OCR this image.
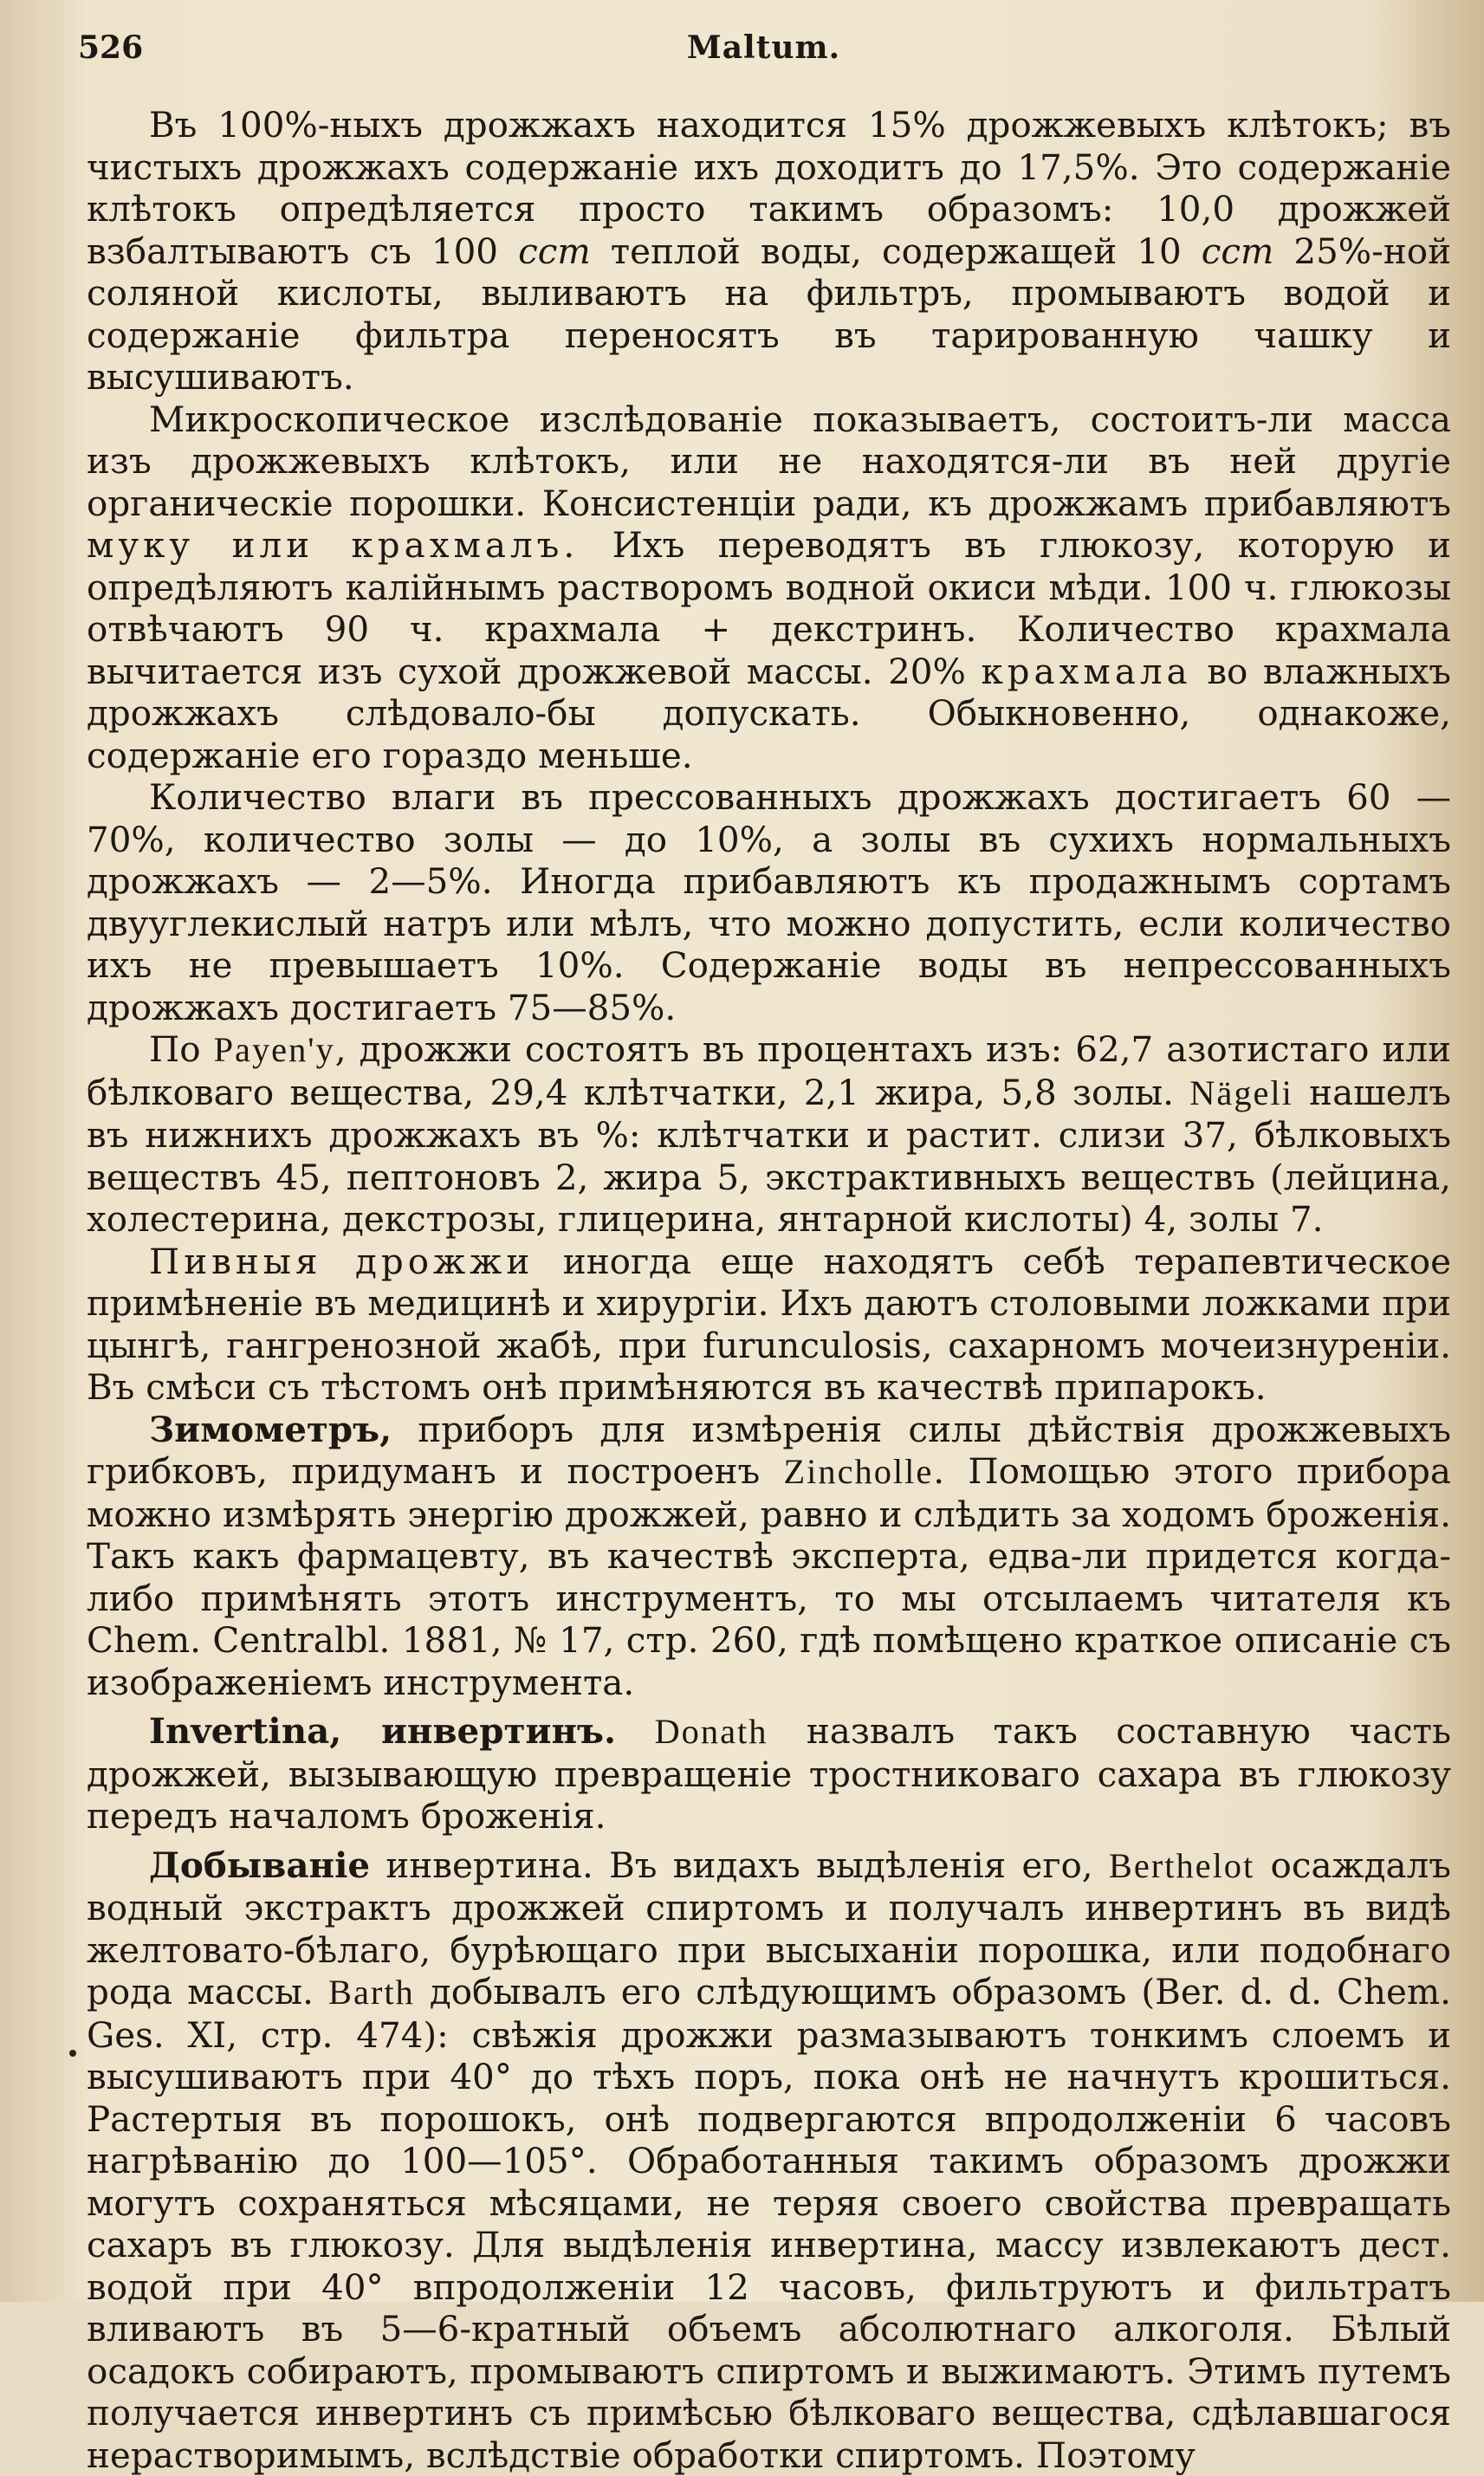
526	Maltum.

Въ 100%-ныхъ дрожжахъ находится 15% дрожжевыхъ клѣтокъ; въ чистыхъ дрожжахъ содержаніе ихъ доходитъ до 17,5%. Это содержаніе клѣтокъ опредѣляется просто такимъ образомъ: 10,0 дрожжей взбалтываютъ съ 100 ccm теплой воды, содержащей 10 ccm 25%-ной соляной кислоты, выливаютъ на фильтръ, промываютъ водой и содержаніе фильтра переносятъ въ тарированную чашку и высушиваютъ.

Микроскопическое изслѣдованіе показываетъ, состоитъ-ли масса изъ дрожжевыхъ клѣтокъ, или не находятся-ли въ ней другіе органическіе порошки. Консистенціи ради, къ дрожжамъ прибавляютъ муку или крахмалъ. Ихъ переводятъ въ глюкозу, которую и опредѣляютъ калійнымъ растворомъ водной окиси мѣди. 100 ч. глюкозы отвѣчаютъ 90 ч. крахмала + декстринъ. Количество крахмала вычитается изъ сухой дрожжевой массы. 20% крахмала во влажныхъ дрожжахъ слѣдовало-бы допускать. Обыкновенно, однакоже, содержаніе его гораздо меньше.

Количество влаги въ прессованныхъ дрожжахъ достигаетъ 60 — 70%, количество золы — до 10%, а золы въ сухихъ нормальныхъ дрожжахъ — 2—5%. Иногда прибавляютъ къ продажнымъ сортамъ двууглекислый натръ или мѣлъ, что можно допустить, если количество ихъ не превышаетъ 10%. Содержаніе воды въ непрессованныхъ дрожжахъ достигаетъ 75—85%.

По Payen'у, дрожжи состоятъ въ процентахъ изъ: 62,7 азотистаго или бѣлковаго вещества, 29,4 клѣтчатки, 2,1 жира, 5,8 золы. Nägeli нашелъ въ нижнихъ дрожжахъ въ %: клѣтчатки и растит. слизи 37, бѣлковыхъ веществъ 45, пептоновъ 2, жира 5, экстрактивныхъ веществъ (лейцина, холестерина, декстрозы, глицерина, янтарной кислоты) 4, золы 7.

Пивныя дрожжи иногда еще находятъ себѣ терапевтическое примѣненіе въ медицинѣ и хирургіи. Ихъ даютъ столовыми ложками при цынгѣ, гангренозной жабѣ, при furunculosis, сахарномъ мочеизнуреніи. Въ смѣси съ тѣстомъ онѣ примѣняются въ качествѣ припарокъ.

Зимометръ, приборъ для измѣренія силы дѣйствія дрожжевыхъ грибковъ, придуманъ и построенъ Zincholle. Помощью этого прибора можно измѣрять энергію дрожжей, равно и слѣдить за ходомъ броженія. Такъ какъ фармацевту, въ качествѣ эксперта, едва-ли придется когда-либо примѣнять этотъ инструментъ, то мы отсылаемъ читателя къ Chem. Centralbl. 1881, № 17, стр. 260, гдѣ помѣщено краткое описаніе съ изображеніемъ инструмента.

Invertina, инвертинъ. Donath назвалъ такъ составную часть дрожжей, вызывающую превращеніе тростниковаго сахара въ глюкозу передъ началомъ броженія.

Добываніе инвертина. Въ видахъ выдѣленія его, Berthelot осаждалъ водный экстрактъ дрожжей спиртомъ и получалъ инвертинъ въ видѣ желтовато-бѣлаго, бурѣющаго при высыханіи порошка, или подобнаго рода массы. Barth добывалъ его слѣдующимъ образомъ (Ber. d. d. Chem. Ges. XI, стр. 474): свѣжія дрожжи размазываютъ тонкимъ слоемъ и высушиваютъ при 40° до тѣхъ поръ, пока онѣ не начнутъ крошиться. Растертыя въ порошокъ, онѣ подвергаются впродолженіи 6 часовъ нагрѣванію до 100—105°. Обработанныя такимъ образомъ дрожжи могутъ сохраняться мѣсяцами, не теряя своего свойства превращать сахаръ въ глюкозу. Для выдѣленія инвертина, массу извлекаютъ дест. водой при 40° впродолженіи 12 часовъ, фильтруютъ и фильтратъ вливаютъ въ 5—6-кратный объемъ абсолютнаго алкоголя. Бѣлый осадокъ собираютъ, промываютъ спиртомъ и выжимаютъ. Этимъ путемъ получается инвертинъ съ примѣсью бѣлковаго вещества, сдѣлавшагося нерастворимымъ, вслѣдствіе обработки спиртомъ. Поэтому
